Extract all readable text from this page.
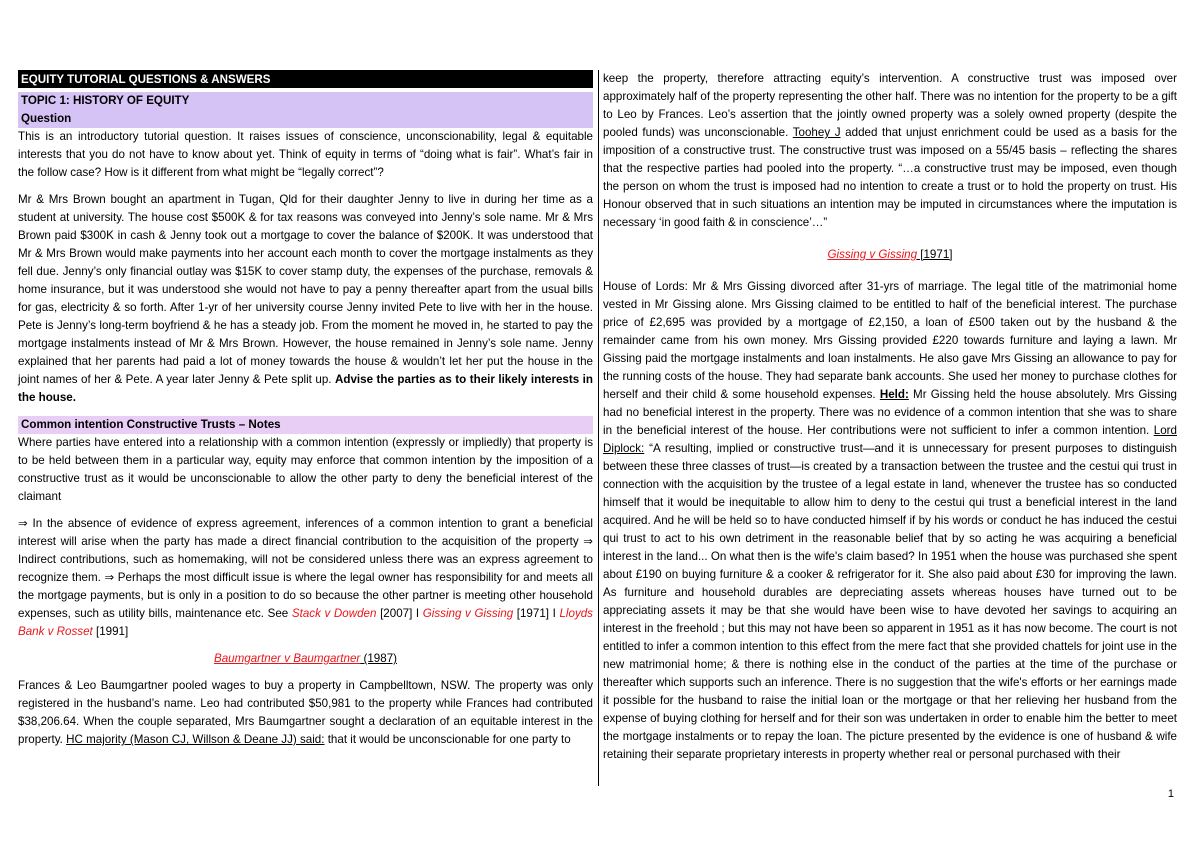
EQUITY TUTORIAL QUESTIONS & ANSWERS
TOPIC 1: HISTORY OF EQUITY
Question

This is an introductory tutorial question. It raises issues of conscience, unconscionability, legal & equitable interests that you do not have to know about yet. Think of equity in terms of “doing what is fair”. What’s fair in the follow case? How is it different from what might be “legally correct”?

Mr & Mrs Brown bought an apartment in Tugan, Qld for their daughter Jenny to live in during her time as a student at university. The house cost $500K & for tax reasons was conveyed into Jenny’s sole name. Mr & Mrs Brown paid $300K in cash & Jenny took out a mortgage to cover the balance of $200K. It was understood that Mr & Mrs Brown would make payments into her account each month to cover the mortgage instalments as they fell due. Jenny’s only financial outlay was $15K to cover stamp duty, the expenses of the purchase, removals & home insurance, but it was understood she would not have to pay a penny thereafter apart from the usual bills for gas, electricity & so forth. After 1-yr of her university course Jenny invited Pete to live with her in the house. Pete is Jenny’s long-term boyfriend & he has a steady job. From the moment he moved in, he started to pay the mortgage instalments instead of Mr & Mrs Brown. However, the house remained in Jenny’s sole name. Jenny explained that her parents had paid a lot of money towards the house & wouldn’t let her put the house in the joint names of her & Pete. A year later Jenny & Pete split up. Advise the parties as to their likely interests in the house.

Common intention Constructive Trusts – Notes

Where parties have entered into a relationship with a common intention (expressly or impliedly) that property is to be held between them in a particular way, equity may enforce that common intention by the imposition of a constructive trust as it would be unconscionable to allow the other party to deny the beneficial interest of the claimant

⇒ In the absence of evidence of express agreement, inferences of a common intention to grant a beneficial interest will arise when the party has made a direct financial contribution to the acquisition of the property ⇒ Indirect contributions, such as homemaking, will not be considered unless there was an express agreement to recognize them. ⇒ Perhaps the most difficult issue is where the legal owner has responsibility for and meets all the mortgage payments, but is only in a position to do so because the other partner is meeting other household expenses, such as utility bills, maintenance etc. See Stack v Dowden [2007] I Gissing v Gissing [1971] I Lloyds Bank v Rosset [1991]

Baumgartner v Baumgartner (1987)

Frances & Leo Baumgartner pooled wages to buy a property in Campbelltown, NSW. The property was only registered in the husband’s name. Leo had contributed $50,981 to the property while Frances had contributed $38,206.64. When the couple separated, Mrs Baumgartner sought a declaration of an equitable interest in the property. HC majority (Mason CJ, Willson & Deane JJ) said: that it would be unconscionable for one party to

keep the property, therefore attracting equity’s intervention. A constructive trust was imposed over approximately half of the property representing the other half. There was no intention for the property to be a gift to Leo by Frances. Leo’s assertion that the jointly owned property was a solely owned property (despite the pooled funds) was unconscionable. Toohey J added that unjust enrichment could be used as a basis for the imposition of a constructive trust. The constructive trust was imposed on a 55/45 basis – reflecting the shares that the respective parties had pooled into the property. “…a constructive trust may be imposed, even though the person on whom the trust is imposed had no intention to create a trust or to hold the property on trust. His Honour observed that in such situations an intention may be imputed in circumstances where the imputation is necessary ‘in good faith & in conscience’…”

Gissing v Gissing [1971]

House of Lords: Mr & Mrs Gissing divorced after 31-yrs of marriage. The legal title of the matrimonial home vested in Mr Gissing alone. Mrs Gissing claimed to be entitled to half of the beneficial interest. The purchase price of £2,695 was provided by a mortgage of £2,150, a loan of £500 taken out by the husband & the remainder came from his own money. Mrs Gissing provided £220 towards furniture and laying a lawn. Mr Gissing paid the mortgage instalments and loan instalments. He also gave Mrs Gissing an allowance to pay for the running costs of the house. They had separate bank accounts. She used her money to purchase clothes for herself and their child & some household expenses. Held: Mr Gissing held the house absolutely. Mrs Gissing had no beneficial interest in the property. There was no evidence of a common intention that she was to share in the beneficial interest of the house. Her contributions were not sufficient to infer a common intention. Lord Diplock: “A resulting, implied or constructive trust—and it is unnecessary for present purposes to distinguish between these three classes of trust—is created by a transaction between the trustee and the cestui qui trust in connection with the acquisition by the trustee of a legal estate in land, whenever the trustee has so conducted himself that it would be inequitable to allow him to deny to the cestui qui trust a beneficial interest in the land acquired. And he will be held so to have conducted himself if by his words or conduct he has induced the cestui qui trust to act to his own detriment in the reasonable belief that by so acting he was acquiring a beneficial interest in the land... On what then is the wife's claim based? In 1951 when the house was purchased she spent about £190 on buying furniture & a cooker & refrigerator for it. She also paid about £30 for improving the lawn. As furniture and household durables are depreciating assets whereas houses have turned out to be appreciating assets it may be that she would have been wise to have devoted her savings to acquiring an interest in the freehold ; but this may not have been so apparent in 1951 as it has now become. The court is not entitled to infer a common intention to this effect from the mere fact that she provided chattels for joint use in the new matrimonial home; & there is nothing else in the conduct of the parties at the time of the purchase or thereafter which supports such an inference. There is no suggestion that the wife's efforts or her earnings made it possible for the husband to raise the initial loan or the mortgage or that her relieving her husband from the expense of buying clothing for herself and for their son was undertaken in order to enable him the better to meet the mortgage instalments or to repay the loan. The picture presented by the evidence is one of husband & wife retaining their separate proprietary interests in property whether real or personal purchased with their

1
